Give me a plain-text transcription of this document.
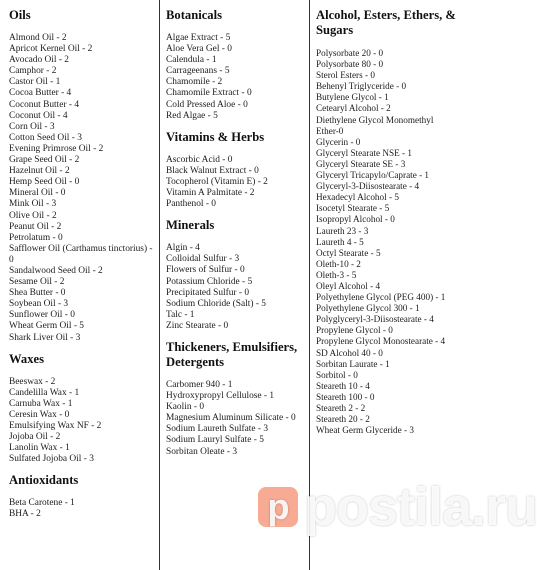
Oils
Almond Oil - 2
Apricot Kernel Oil - 2
Avocado Oil - 2
Camphor - 2
Castor Oil - 1
Cocoa Butter - 4
Coconut Butter - 4
Coconut Oil - 4
Corn Oil - 3
Cotton Seed Oil - 3
Evening Primrose Oil - 2
Grape Seed Oil - 2
Hazelnut Oil - 2
Hemp Seed Oil - 0
Mineral Oil - 0
Mink Oil - 3
Olive Oil - 2
Peanut Oil - 2
Petrolatum - 0
Safflower Oil (Carthamus tinctorius) - 0
Sandalwood Seed Oil - 2
Sesame Oil - 2
Shea Butter - 0
Soybean Oil - 3
Sunflower Oil - 0
Wheat Germ Oil - 5
Shark Liver Oil - 3
Waxes
Beeswax - 2
Candelilla Wax - 1
Carnuba Wax - 1
Ceresin Wax - 0
Emulsifying Wax NF - 2
Jojoba Oil - 2
Lanolin Wax - 1
Sulfated Jojoba Oil - 3
Antioxidants
Beta Carotene - 1
BHA - 2
Botanicals
Algae Extract - 5
Aloe Vera Gel - 0
Calendula - 1
Carrageenans - 5
Chamomile - 2
Chamomile Extract - 0
Cold Pressed Aloe - 0
Red Algae - 5
Vitamins & Herbs
Ascorbic Acid - 0
Black Walnut Extract - 0
Tocopherol (Vitamin E) - 2
Vitamin A Palmitate - 2
Panthenol - 0
Minerals
Algin - 4
Colloidal Sulfur - 3
Flowers of Sulfur - 0
Potassium Chloride - 5
Precipitated Sulfur - 0
Sodium Chloride (Salt) - 5
Talc - 1
Zinc Stearate - 0
Thickeners, Emulsifiers, Detergents
Carbomer 940 - 1
Hydroxypropyl Cellulose - 1
Kaolin - 0
Magnesium Aluminum Silicate - 0
Sodium Laureth Sulfate - 3
Sodium Lauryl Sulfate - 5
Sorbitan Oleate - 3
Alcohol, Esters, Ethers, & Sugars
Polysorbate 20 - 0
Polysorbate 80 - 0
Sterol Esters - 0
Behenyl Triglyceride - 0
Butylene Glycol - 1
Cetearyl Alcohol - 2
Diethylene Glycol Monomethyl Ether-0
Glycerin - 0
Glyceryl Stearate NSE - 1
Glyceryl Stearate SE - 3
Glyceryl Tricapylo/Caprate - 1
Glyceryl-3-Diisostearate - 4
Hexadecyl Alcohol - 5
Isocetyl Stearate - 5
Isopropyl Alcohol - 0
Laureth 23 - 3
Laureth 4 - 5
Octyl Stearate - 5
Oleth-10 - 2
Oleth-3 - 5
Oleyl Alcohol - 4
Polyethylene Glycol (PEG 400) - 1
Polyethylene Glycol 300 - 1
Polyglyceryl-3-Diisostearate - 4
Propylene Glycol - 0
Propylene Glycol Monostearate - 4
SD Alcohol 40 - 0
Sorbitan Laurate - 1
Sorbitol - 0
Steareth 10 - 4
Steareth 100 - 0
Steareth 2 - 2
Steareth 20 - 2
Wheat Germ Glyceride - 3
p postila.ru
